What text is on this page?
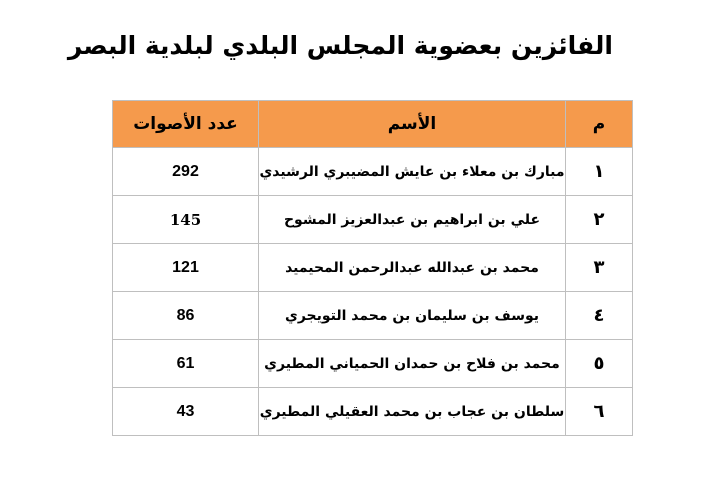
الفائزين بعضوية المجلس البلدي لبلدية البصر
م	الأسم	عدد الأصوات
١	مبارك بن معلاء بن عايش المضيبري الرشيدي	292
٢	علي بن ابراهيم بن عبدالعزيز المشوح	145
٣	محمد بن عبدالله عبدالرحمن المحيميد	121
٤	يوسف بن سليمان بن محمد التويجري	86
٥	محمد بن فلاح بن حمدان الحمياني المطيري	61
٦	سلطان بن عجاب بن محمد العقيلي المطيري	43
